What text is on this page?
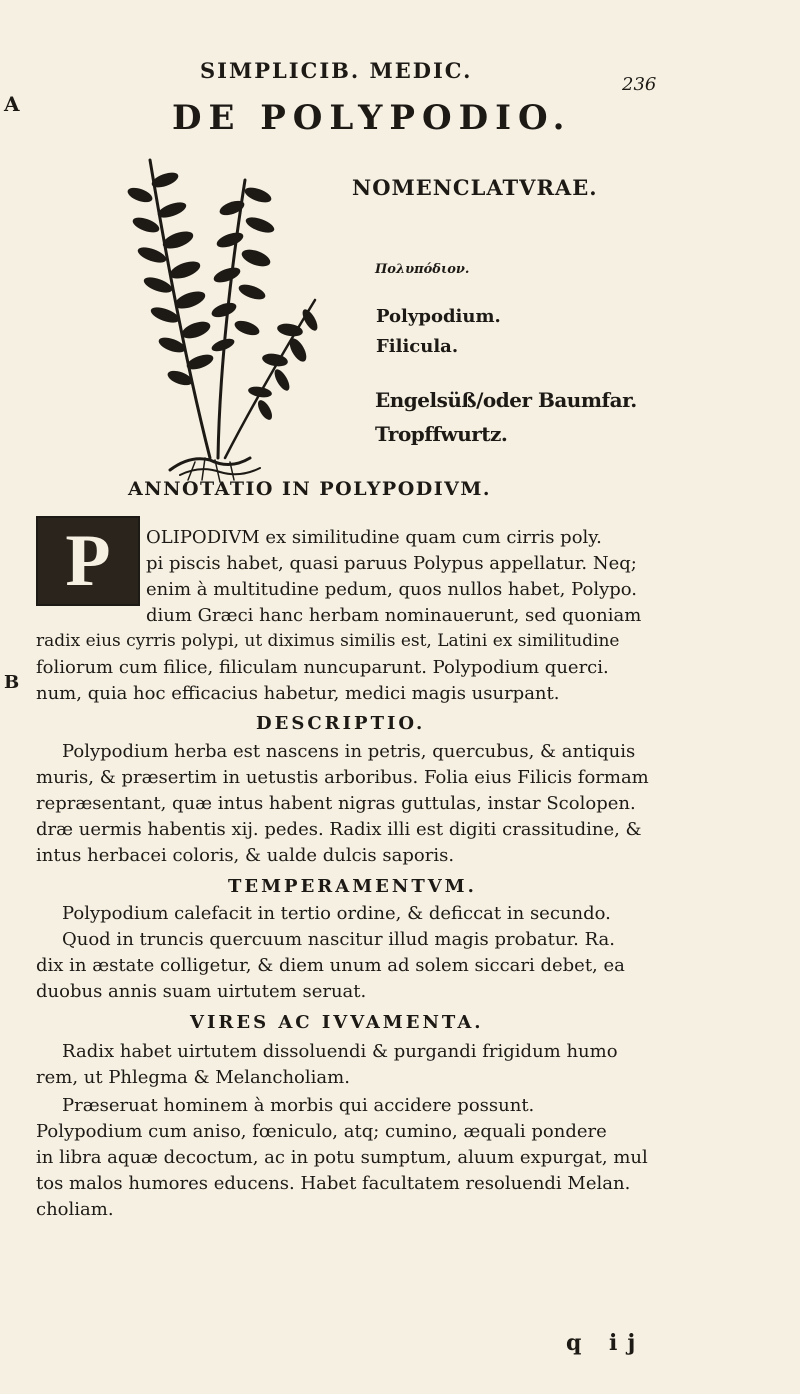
SIMPLICIB. MEDIC.
236
A	DE POLYPODIO.
NOMENCLATVRAE.
Πολυπόδιον.
Polypodium.
Filicula.
Engelsüß/oder Baumfar.
Tropffwurtz.
ANNOTATIO IN POLYPODIVM.
P
B
OLIPODIVM ex similitudine quam cum cirris poly.
pi piscis habet, quasi paruus Polypus appellatur. Neq;
enim à multitudine pedum, quos nullos habet, Polypo.
dium Græci hanc herbam nominauerunt, sed quoniam
radix eius cyrris polypi, ut diximus similis est, Latini ex similitudine
foliorum cum filice, filiculam nuncuparunt. Polypodium querci.
num, quia hoc efficacius habetur, medici magis usurpant.
DESCRIPTIO.
Polypodium herba est nascens in petris, quercubus, & antiquis
muris, & præsertim in uetustis arboribus. Folia eius Filicis formam
repræsentant, quæ intus habent nigras guttulas, instar Scolopen.
dræ uermis habentis xij. pedes. Radix illi est digiti crassitudine, &
intus herbacei coloris, & ualde dulcis saporis.
TEMPERAMENTVM.
Polypodium calefacit in tertio ordine, & deficcat in secundo.
Quod in truncis quercuum nascitur illud magis probatur. Ra.
dix in æstate colligetur, & diem unum ad solem siccari debet, ea
duobus annis suam uirtutem seruat.
VIRES AC IVVAMENTA.
Radix habet uirtutem dissoluendi & purgandi frigidum humo
rem, ut Phlegma & Melancholiam.
Præseruat hominem à morbis qui accidere possunt.
Polypodium cum aniso, fœniculo, atq; cumino, æquali pondere
in libra aquæ decoctum, ac in potu sumptum, aluum expurgat, mul
tos malos humores educens. Habet facultatem resoluendi Melan.
choliam.
q ij
